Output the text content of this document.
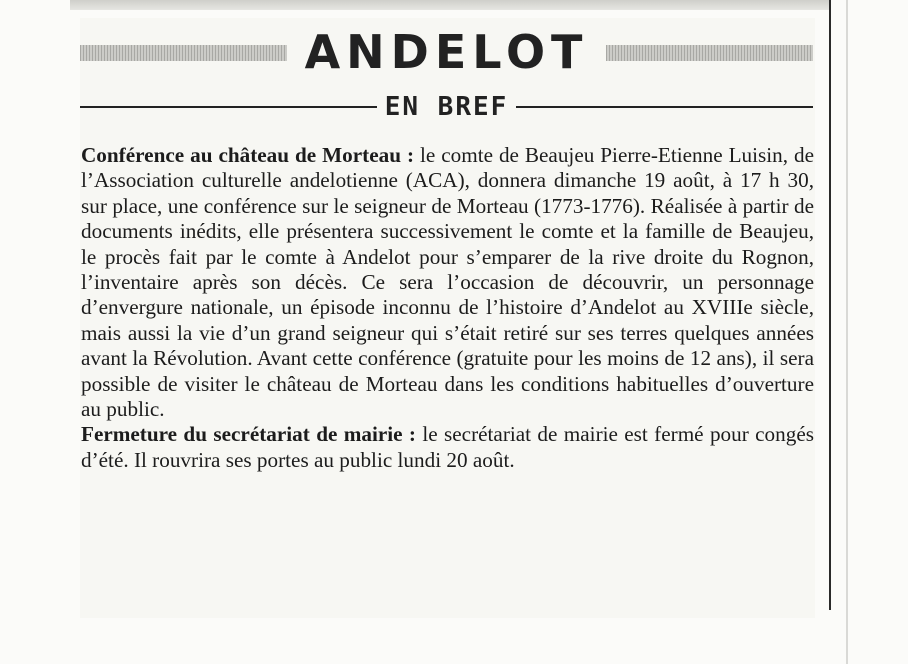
ANDELOT
EN BREF

Conférence au château de Morteau : le comte de Beaujeu Pierre-Etienne Luisin, de l’Association culturelle andelotienne (ACA), donnera dimanche 19 août, à 17 h 30, sur place, une conférence sur le seigneur de Morteau (1773-1776). Réalisée à partir de documents inédits, elle présentera successivement le comte et la famille de Beaujeu, le procès fait par le comte à Andelot pour s’emparer de la rive droite du Rognon, l’inventaire après son décès. Ce sera l’occasion de découvrir, un personnage d’envergure nationale, un épisode inconnu de l’histoire d’Andelot au XVIIIe siècle, mais aussi la vie d’un grand seigneur qui s’était retiré sur ses terres quelques années avant la Révolution. Avant cette conférence (gratuite pour les moins de 12 ans), il sera possible de visiter le château de Morteau dans les conditions habituelles d’ouverture au public.

Fermeture du secrétariat de mairie : le secrétariat de mairie est fermé pour congés d’été. Il rouvrira ses portes au public lundi 20 août.
